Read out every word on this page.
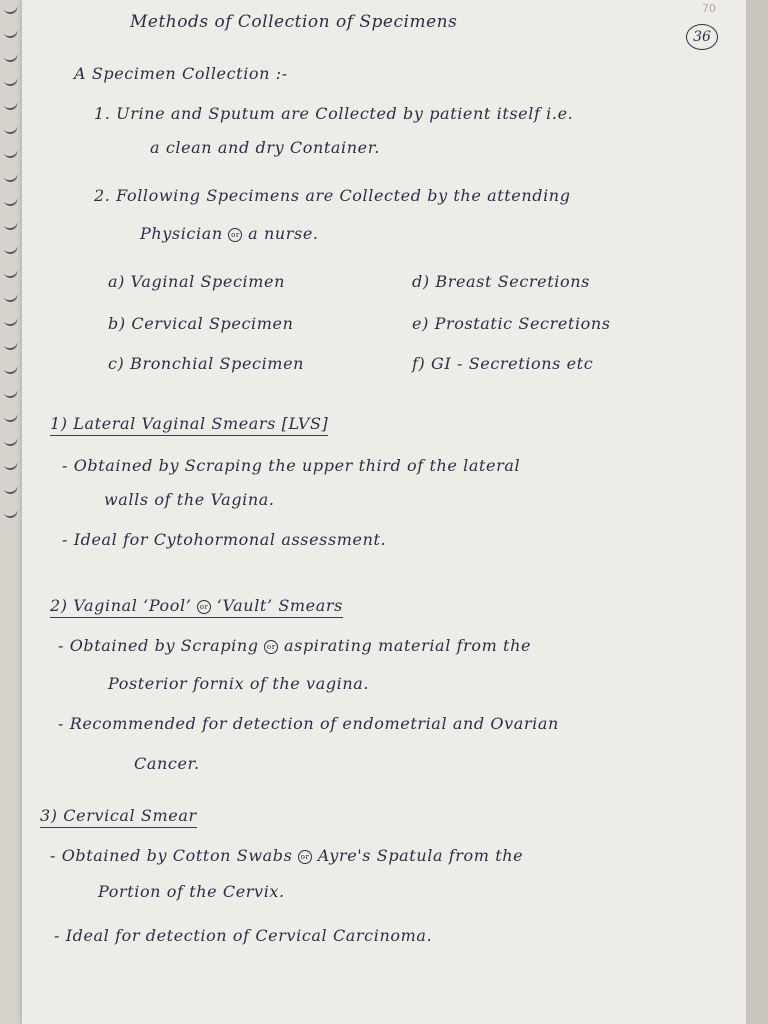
70
36
Methods of Collection of Specimens
A Specimen Collection :-
1. Urine and Sputum are Collected by patient itself i.e.
a clean and dry Container.
2. Following Specimens are Collected by the attending
Physician or a nurse.
a) Vaginal Specimen
b) Cervical Specimen
c) Bronchial Specimen
d) Breast Secretions
e) Prostatic Secretions
f) GI - Secretions etc
1) Lateral Vaginal Smears [LVS]
- Obtained by Scraping the upper third of the lateral
walls of the Vagina.
- Ideal for Cytohormonal assessment.
2) Vaginal ‘Pool’ or ‘Vault’ Smears
- Obtained by Scraping or aspirating material from the
Posterior fornix of the vagina.
- Recommended for detection of endometrial and Ovarian
Cancer.
3) Cervical Smear
- Obtained by Cotton Swabs or Ayre's Spatula from the
Portion of the Cervix.
- Ideal for detection of Cervical Carcinoma.
